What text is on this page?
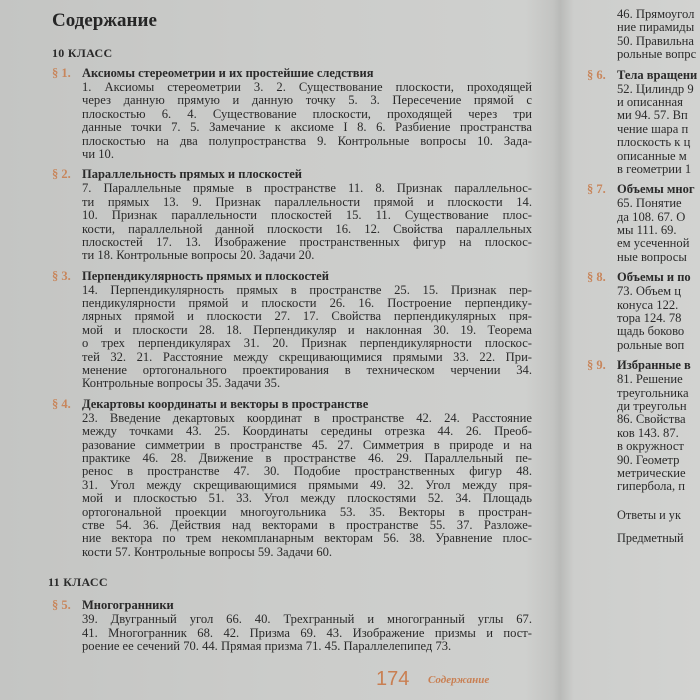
Содержание
10 КЛАСС
§ 1. Аксиомы стереометрии и их простейшие следствия
1. Аксиомы стереометрии 3. 2. Существование плоскости, проходящей
через данную прямую и данную точку 5. 3. Пересечение прямой с
плоскостью 6. 4. Существование плоскости, проходящей через три
данные точки 7. 5. Замечание к аксиоме I 8. 6. Разбиение пространства
плоскостью на два полупространства 9. Контрольные вопросы 10. Зада-
чи 10.
§ 2. Параллельность прямых и плоскостей
7. Параллельные прямые в пространстве 11. 8. Признак параллельнос-
ти прямых 13. 9. Признак параллельности прямой и плоскости 14.
10. Признак параллельности плоскостей 15. 11. Существование плос-
кости, параллельной данной плоскости 16. 12. Свойства параллельных
плоскостей 17. 13. Изображение пространственных фигур на плоскос-
ти 18. Контрольные вопросы 20. Задачи 20.
§ 3. Перпендикулярность прямых и плоскостей
14. Перпендикулярность прямых в пространстве 25. 15. Признак пер-
пендикулярности прямой и плоскости 26. 16. Построение перпендику-
лярных прямой и плоскости 27. 17. Свойства перпендикулярных пря-
мой и плоскости 28. 18. Перпендикуляр и наклонная 30. 19. Теорема
о трех перпендикулярах 31. 20. Признак перпендикулярности плоскос-
тей 32. 21. Расстояние между скрещивающимися прямыми 33. 22. При-
менение ортогонального проектирования в техническом черчении 34.
Контрольные вопросы 35. Задачи 35.
§ 4. Декартовы координаты и векторы в пространстве
23. Введение декартовых координат в пространстве 42. 24. Расстояние
между точками 43. 25. Координаты середины отрезка 44. 26. Преоб-
разование симметрии в пространстве 45. 27. Симметрия в природе и на
практике 46. 28. Движение в пространстве 46. 29. Параллельный пе-
ренос в пространстве 47. 30. Подобие пространственных фигур 48.
31. Угол между скрещивающимися прямыми 49. 32. Угол между пря-
мой и плоскостью 51. 33. Угол между плоскостями 52. 34. Площадь
ортогональной проекции многоугольника 53. 35. Векторы в простран-
стве 54. 36. Действия над векторами в пространстве 55. 37. Разложе-
ние вектора по трем некомпланарным векторам 56. 38. Уравнение плос-
кости 57. Контрольные вопросы 59. Задачи 60.
11 КЛАСС
§ 5. Многогранники
39. Двугранный угол 66. 40. Трехгранный и многогранный углы 67.
41. Многогранник 68. 42. Призма 69. 43. Изображение призмы и пост-
роение ее сечений 70. 44. Прямая призма 71. 45. Параллелепипед 73.
46. Прямоугол
ние пирамиды
50. Правильна
рольные вопрс
§ 6. Тела вращени
52. Цилиндр 9
и описанная
ми 94. 57. Вп
чение шара п
плоскость к ц
описанные м
в геометрии 1
§ 7. Объемы мног
65. Понятие
да 108. 67. О
мы 111. 69.
ем усеченной
ные вопросы
§ 8. Объемы и по
73. Объем ц
конуса 122.
тора 124. 78
щадь боково
рольные воп
§ 9. Избранные в
81. Решение
треугольника
ди треугольн
86. Свойства
ков 143. 87.
в окружност
90. Геометр
метрические
гипербола, п
Ответы и ук
Предметный
174 Содержание
